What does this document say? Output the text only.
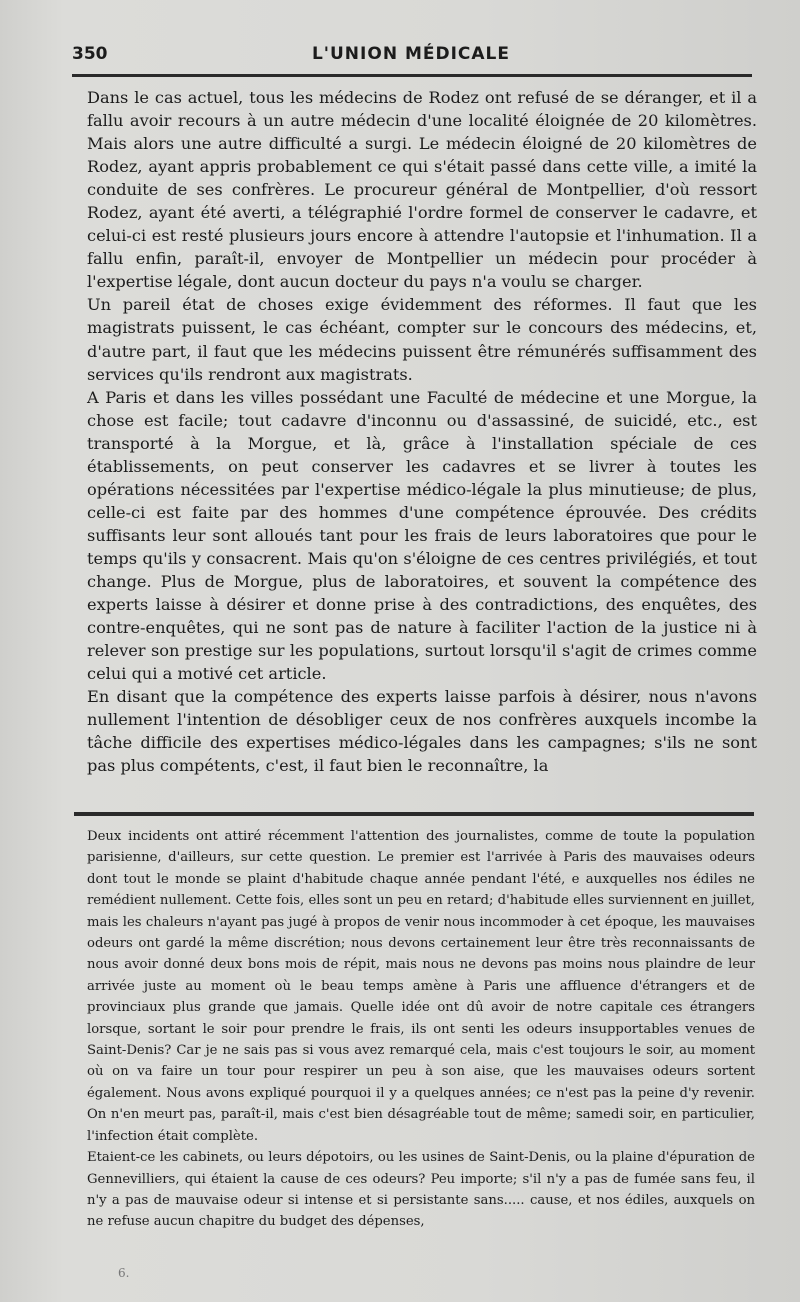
350	L'UNION MÉDICALE

Dans le cas actuel, tous les médecins de Rodez ont refusé de se déranger, et il a fallu avoir recours à un autre médecin d'une localité éloignée de 20 kilomètres. Mais alors une autre difficulté a surgi. Le médecin éloigné de 20 kilomètres de Rodez, ayant appris probablement ce qui s'était passé dans cette ville, a imité la conduite de ses confrères. Le procureur général de Montpellier, d'où ressort Rodez, ayant été averti, a télégraphié l'ordre formel de conserver le cadavre, et celui-ci est resté plusieurs jours encore à attendre l'autopsie et l'inhumation. Il a fallu enfin, paraît-il, envoyer de Montpellier un médecin pour procéder à l'expertise légale, dont aucun docteur du pays n'a voulu se charger.

Un pareil état de choses exige évidemment des réformes. Il faut que les magistrats puissent, le cas échéant, compter sur le concours des médecins, et, d'autre part, il faut que les médecins puissent être rémunérés suffisamment des services qu'ils rendront aux magistrats.

A Paris et dans les villes possédant une Faculté de médecine et une Morgue, la chose est facile; tout cadavre d'inconnu ou d'assassiné, de suicidé, etc., est transporté à la Morgue, et là, grâce à l'installation spéciale de ces établissements, on peut conserver les cadavres et se livrer à toutes les opérations nécessitées par l'expertise médico-légale la plus minutieuse; de plus, celle-ci est faite par des hommes d'une compétence éprouvée. Des crédits suffisants leur sont alloués tant pour les frais de leurs laboratoires que pour le temps qu'ils y consacrent. Mais qu'on s'éloigne de ces centres privilégiés, et tout change. Plus de Morgue, plus de laboratoires, et souvent la compétence des experts laisse à désirer et donne prise à des contradictions, des enquêtes, des contre-enquêtes, qui ne sont pas de nature à faciliter l'action de la justice ni à relever son prestige sur les populations, surtout lorsqu'il s'agit de crimes comme celui qui a motivé cet article.

En disant que la compétence des experts laisse parfois à désirer, nous n'avons nullement l'intention de désobliger ceux de nos confrères auxquels incombe la tâche difficile des expertises médico-légales dans les campagnes; s'ils ne sont pas plus compétents, c'est, il faut bien le reconnaître, la

Deux incidents ont attiré récemment l'attention des journalistes, comme de toute la population parisienne, d'ailleurs, sur cette question. Le premier est l'arrivée à Paris des mauvaises odeurs dont tout le monde se plaint d'habitude chaque année pendant l'été, e auxquelles nos édiles ne remédient nullement. Cette fois, elles sont un peu en retard; d'habitude elles surviennent en juillet, mais les chaleurs n'ayant pas jugé à propos de venir nous incommoder à cet époque, les mauvaises odeurs ont gardé la même discrétion; nous devons certainement leur être très reconnaissants de nous avoir donné deux bons mois de répit, mais nous ne devons pas moins nous plaindre de leur arrivée juste au moment où le beau temps amène à Paris une affluence d'étrangers et de provinciaux plus grande que jamais. Quelle idée ont dû avoir de notre capitale ces étrangers lorsque, sortant le soir pour prendre le frais, ils ont senti les odeurs insupportables venues de Saint-Denis? Car je ne sais pas si vous avez remarqué cela, mais c'est toujours le soir, au moment où on va faire un tour pour respirer un peu à son aise, que les mauvaises odeurs sortent également. Nous avons expliqué pourquoi il y a quelques années; ce n'est pas la peine d'y revenir. On n'en meurt pas, paraît-il, mais c'est bien désagréable tout de même; samedi soir, en particulier, l'infection était complète.

Etaient-ce les cabinets, ou leurs dépotoirs, ou les usines de Saint-Denis, ou la plaine d'épuration de Gennevilliers, qui étaient la cause de ces odeurs? Peu importe; s'il n'y a pas de fumée sans feu, il n'y a pas de mauvaise odeur si intense et si persistante sans..... cause, et nos édiles, auxquels on ne refuse aucun chapitre du budget des dépenses,

6.
